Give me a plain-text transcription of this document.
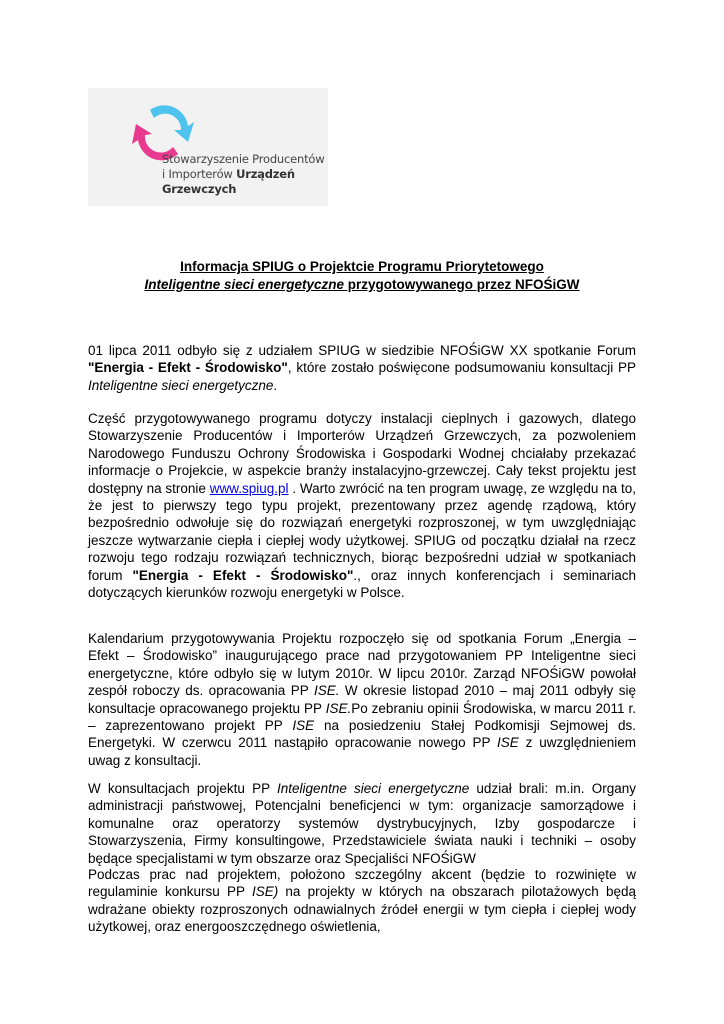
Stowarzyszenie Producentów
i Importerów Urządzeń Grzewczych
Informacja SPIUG o Projektcie Programu Priorytetowego
Inteligentne sieci energetyczne przygotowywanego przez NFOŚiGW
01 lipca 2011 odbyło się z udziałem SPIUG w siedzibie NFOŚiGW XX spotkanie Forum "Energia - Efekt - Środowisko", które zostało poświęcone podsumowaniu konsultacji PP Inteligentne sieci energetyczne.
Część przygotowywanego programu dotyczy instalacji cieplnych i gazowych, dlatego Stowarzyszenie Producentów i Importerów Urządzeń Grzewczych, za pozwoleniem Narodowego Funduszu Ochrony Środowiska i Gospodarki Wodnej chciałaby przekazać informacje o Projekcie, w aspekcie branży instalacyjno-grzewczej. Cały tekst projektu jest dostępny na stronie www.spiug.pl . Warto zwrócić na ten program uwagę, ze względu na to, że jest to pierwszy tego typu projekt, prezentowany przez agendę rządową, który bezpośrednio odwołuje się do rozwiązań energetyki rozproszonej, w tym uwzględniając jeszcze wytwarzanie ciepła i ciepłej wody użytkowej. SPIUG od początku działał na rzecz rozwoju tego rodzaju rozwiązań technicznych, biorąc bezpośredni udział w spotkaniach forum "Energia - Efekt - Środowisko"., oraz innych konferencjach i seminariach dotyczących kierunków rozwoju energetyki w Polsce.
Kalendarium przygotowywania Projektu rozpoczęło się od spotkania Forum „Energia – Efekt – Środowisko” inaugurującego prace nad przygotowaniem PP Inteligentne sieci energetyczne, które odbyło się w lutym 2010r. W lipcu 2010r. Zarząd NFOŚiGW powołał zespół roboczy ds. opracowania PP ISE. W okresie listopad 2010 – maj 2011 odbyły się konsultacje opracowanego projektu PP ISE.Po zebraniu opinii Środowiska, w marcu 2011 r. – zaprezentowano projekt PP ISE na posiedzeniu Stałej Podkomisji Sejmowej ds. Energetyki. W czerwcu 2011 nastąpiło opracowanie nowego PP ISE z uwzględnieniem uwag z konsultacji.
W konsultacjach projektu PP Inteligentne sieci energetyczne udział brali: m.in. Organy administracji państwowej, Potencjalni beneficjenci w tym: organizacje samorządowe i komunalne oraz operatorzy systemów dystrybucyjnych, Izby gospodarcze i Stowarzyszenia, Firmy konsultingowe, Przedstawiciele świata nauki i techniki – osoby będące specjalistami w tym obszarze oraz Specjaliści NFOŚiGW
Podczas prac nad projektem, położono szczególny akcent (będzie to rozwinięte w regulaminie konkursu PP ISE) na projekty w których na obszarach pilotażowych będą wdrażane obiekty rozproszonych odnawialnych źródeł energii w tym ciepła i ciepłej wody użytkowej, oraz energooszczędnego oświetlenia,
